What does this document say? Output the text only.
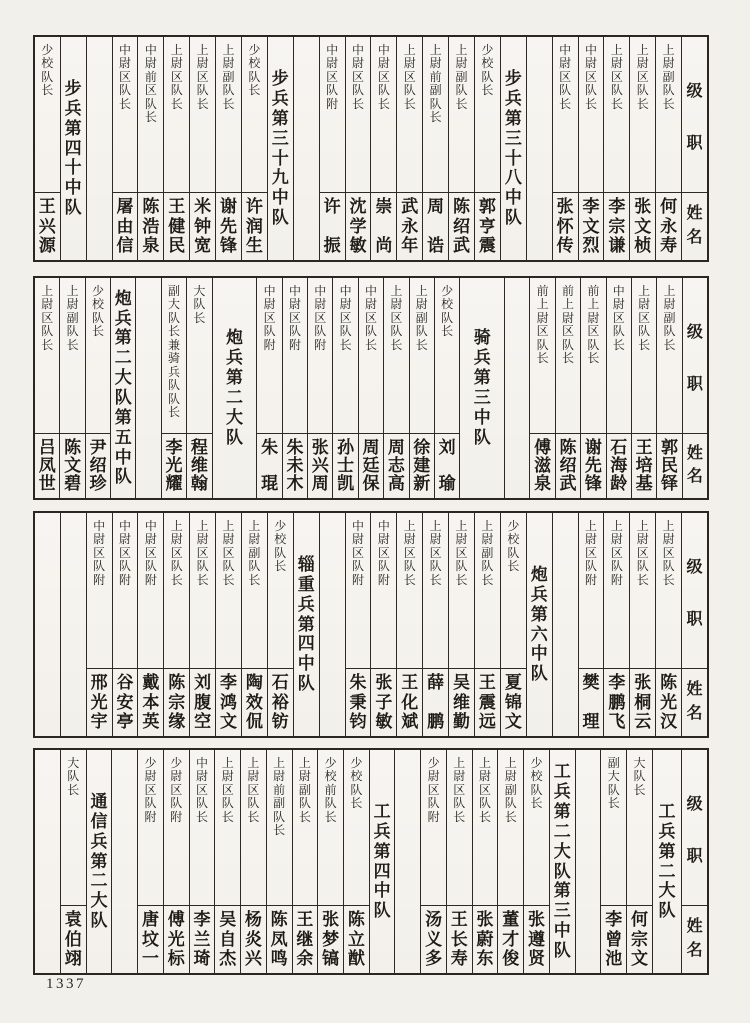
级
职
姓
名
上
尉
副
队
长
何
永
寿
上
尉
区
队
长
张
文
桢
上
尉
区
队
长
李
宗
谦
中
尉
区
队
长
李
文
烈
中
尉
区
队
长
张
怀
传
步
兵
第
三
十
八
中
队
少
校
队
长
郭
亨
震
上
尉
副
队
长
陈
绍
武
上
尉
前
副
队
长
周
诰
上
尉
区
队
长
武
永
年
中
尉
区
队
长
崇
尚
中
尉
区
队
长
沈
学
敏
中
尉
区
队
附
许
振
步
兵
第
三
十
九
中
队
少
校
队
长
许
润
生
上
尉
副
队
长
谢
先
锋
上
尉
区
队
长
米
钟
宽
上
尉
区
队
长
王
健
民
中
尉
前
区
队
长
陈
浩
泉
中
尉
区
队
长
屠
由
信
步
兵
第
四
十
中
队
少
校
队
长
王
兴
源
级
职
姓
名
上
尉
副
队
长
郭
民
铎
上
尉
区
队
长
王
培
基
中
尉
区
队
长
石
海
龄
前
上
尉
区
队
长
谢
先
锋
前
上
尉
区
队
长
陈
绍
武
前
上
尉
区
队
长
傅
滋
泉
骑
兵
第
三
中
队
少
校
队
长
刘
瑜
上
尉
副
队
长
徐
建
新
上
尉
区
队
长
周
志
高
中
尉
区
队
长
周
廷
保
中
尉
区
队
长
孙
士
凯
中
尉
区
队
附
张
兴
周
中
尉
区
队
附
朱
未
木
中
尉
区
队
附
朱
琨
炮
兵
第
二
大
队
大
队
长
程
维
翰
副
大
队
长
兼
骑
兵
队
队
长
李
光
耀
炮
兵
第
二
大
队
第
五
中
队
少
校
队
长
尹
绍
珍
上
尉
副
队
长
陈
文
碧
上
尉
区
队
长
吕
凤
世
级
职
姓
名
上
尉
区
队
长
陈
光
汉
上
尉
区
队
长
张
桐
云
上
尉
区
队
附
李
鹏
飞
上
尉
区
队
附
樊
理
炮
兵
第
六
中
队
少
校
队
长
夏
锦
文
上
尉
副
队
长
王
震
远
上
尉
区
队
长
吴
维
勤
上
尉
区
队
长
薛
鹏
上
尉
区
队
长
王
化
斌
中
尉
区
队
附
张
子
敏
中
尉
区
队
附
朱
秉
钧
辎
重
兵
第
四
中
队
少
校
队
长
石
裕
钫
上
尉
副
队
长
陶
效
侃
上
尉
区
队
长
李
鸿
文
上
尉
区
队
长
刘
腹
空
上
尉
区
队
长
陈
宗
缘
中
尉
区
队
附
戴
本
英
中
尉
区
队
附
谷
安
亭
中
尉
区
队
附
邢
光
宇
级
职
姓
名
工
兵
第
二
大
队
大
队
长
何
宗
文
副
大
队
长
李
曾
池
工
兵
第
二
大
队
第
三
中
队
少
校
队
长
张
遵
贤
上
尉
副
队
长
董
才
俊
上
尉
区
队
长
张
蔚
东
上
尉
区
队
长
王
长
寿
少
尉
区
队
附
汤
义
多
工
兵
第
四
中
队
少
校
队
长
陈
立
猷
少
校
前
队
长
张
梦
镐
上
尉
副
队
长
王
继
余
上
尉
前
副
队
长
陈
凤
鸣
上
尉
区
队
长
杨
炎
兴
上
尉
区
队
长
吴
自
杰
中
尉
区
队
长
李
兰
琦
少
尉
区
队
附
傅
光
标
少
尉
区
队
附
唐
坟
一
通
信
兵
第
二
大
队
大
队
长
袁
伯
翊
1337
